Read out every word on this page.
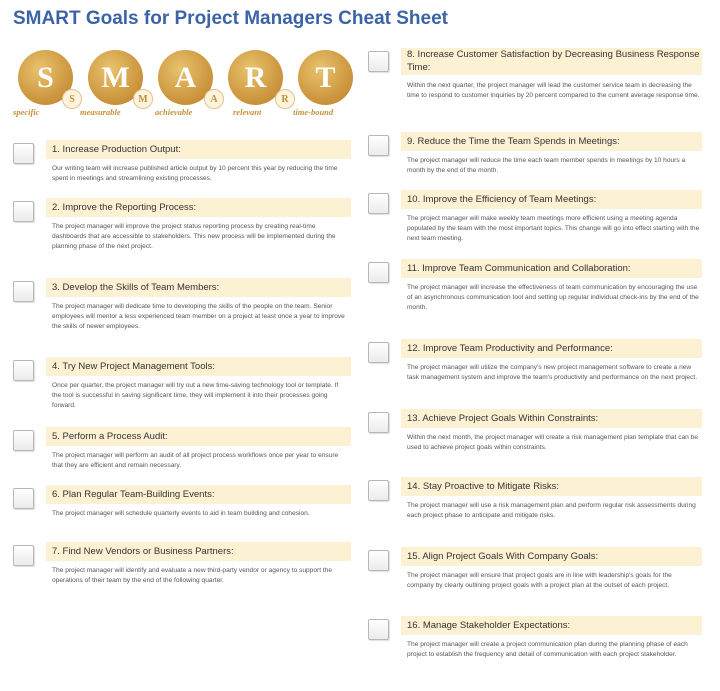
SMART Goals for Project Managers Cheat Sheet
S	M	A	R	T
S	M	A	R
specific	measurable	achievable	relevant	time-bound
1. Increase Production Output:
Our writing team will increase published article output by 10 percent this year by reducing the time spent in meetings and streamlining existing processes.
2. Improve the Reporting Process:
The project manager will improve the project status reporting process by creating real-time dashboards that are accessible to stakeholders. This new process will be implemented during the planning phase of the next project.
3. Develop the Skills of Team Members:
The project manager will dedicate time to developing the skills of the people on the team. Senior employees will mentor a less experienced team member on a project at least once a year to improve the skills of newer employees.
4. Try New Project Management Tools:
Once per quarter, the project manager will try out a new time-saving technology tool or template. If the tool is successful in saving significant time, they will implement it into their processes going forward.
5. Perform a Process Audit:
The project manager will perform an audit of all project process workflows once per year to ensure that they are efficient and remain necessary.
6. Plan Regular Team-Building Events:
The project manager will schedule quarterly events to aid in team building and cohesion.
7. Find New Vendors or Business Partners:
The project manager will identify and evaluate a new third-party vendor or agency to support the operations of their team by the end of the following quarter.
8. Increase Customer Satisfaction by Decreasing Business Response Time:
Within the next quarter, the project manager will lead the customer service team in decreasing the time to respond to customer inquiries by 20 percent compared to the current average response time.
9. Reduce the Time the Team Spends in Meetings:
The project manager will reduce the time each team member spends in meetings by 10 hours a month by the end of the month.
10. Improve the Efficiency of Team Meetings:
The project manager will make weekly team meetings more efficient using a meeting agenda populated by the team with the most important topics. This change will go into effect starting with the next team meeting.
11. Improve Team Communication and Collaboration:
The project manager will increase the effectiveness of team communication by encouraging the use of an asynchronous communication tool and setting up regular individual check-ins by the end of the month.
12. Improve Team Productivity and Performance:
The project manager will utilize the company's new project management software to create a new task management system and improve the team's productivity and performance on the next project.
13. Achieve Project Goals Within Constraints:
Within the next month, the project manager will create a risk management plan template that can be used to achieve project goals within constraints.
14. Stay Proactive to Mitigate Risks:
The project manager will use a risk management plan and perform regular risk assessments during each project phase to anticipate and mitigate risks.
15. Align Project Goals With Company Goals:
The project manager will ensure that project goals are in line with leadership's goals for the company by clearly outlining project goals with a project plan at the outset of each project.
16. Manage Stakeholder Expectations:
The project manager will create a project communication plan during the planning phase of each project to establish the frequency and detail of communication with each project stakeholder.
